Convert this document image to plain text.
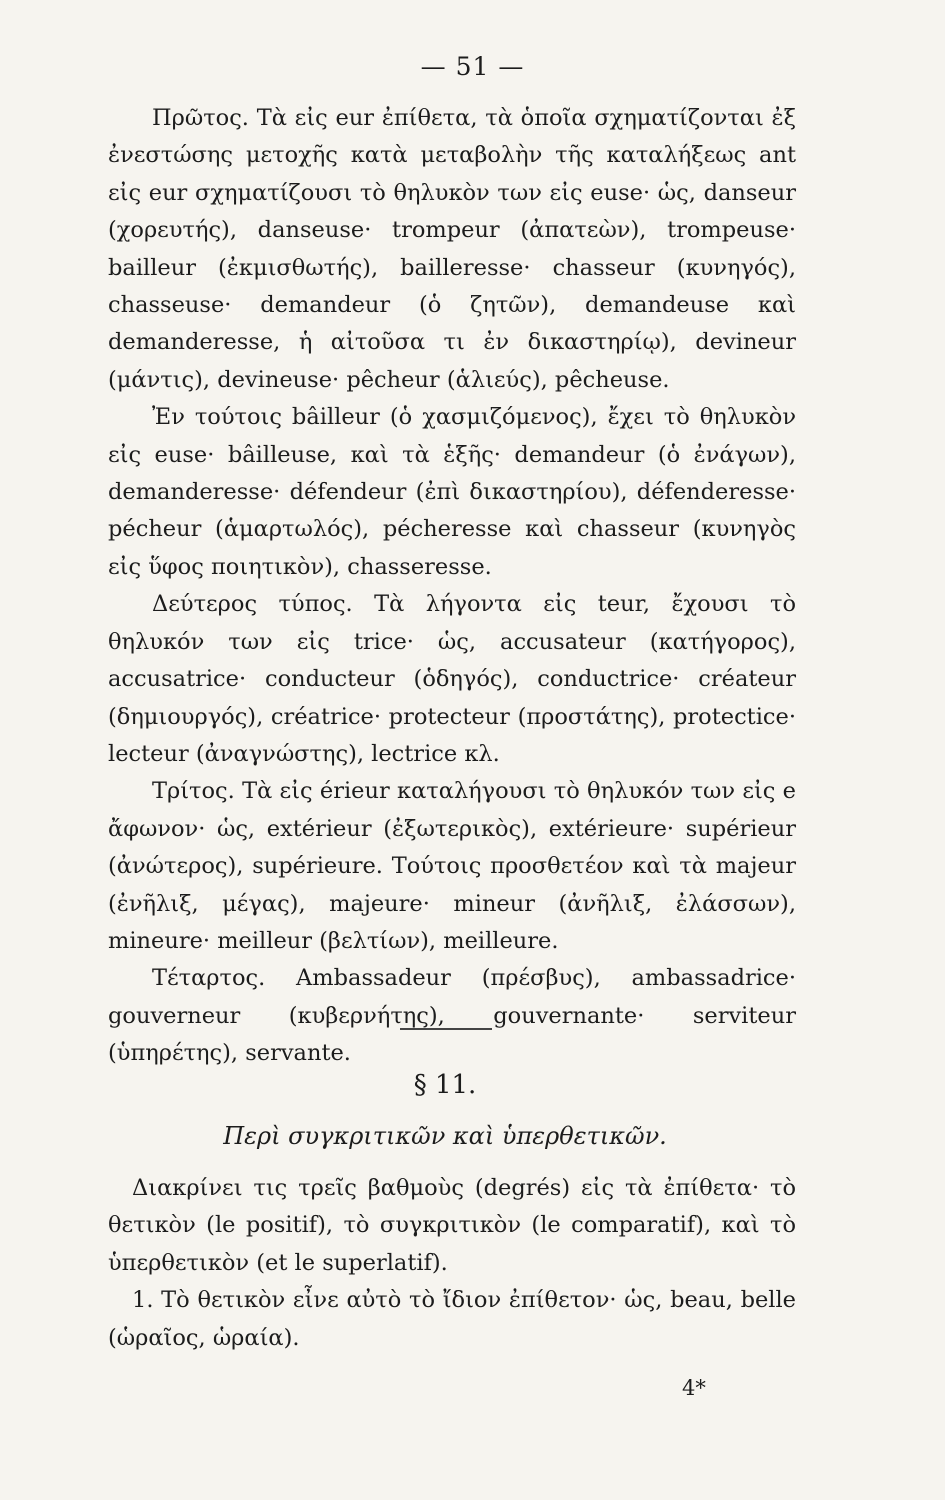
— 51 —

Πρῶτος. Τὰ εἰς eur ἐπίθετα, τὰ ὁποῖα σχηματίζονται ἐξ ἐνεστώσης μετοχῆς κατὰ μεταβολὴν τῆς καταλήξεως ant εἰς eur σχηματίζουσι τὸ θηλυκὸν των εἰς euse· ὡς, danseur (χορευτής), danseuse· trompeur (ἀπατεὼν), trompeuse· bailleur (ἐκμισθωτής), bailleresse· chasseur (κυνηγός), chasseuse· demandeur (ὁ ζητῶν), demandeuse καὶ demanderesse, ἡ αἰτοῦσα τι ἐν δικαστηρίῳ), devineur (μάντις), devineuse· pêcheur (ἁλιεύς), pêcheuse.

Ἐν τούτοις bâilleur (ὁ χασμιζόμενος), ἔχει τὸ θηλυκὸν εἰς euse· bâilleuse, καὶ τὰ ἑξῆς· demandeur (ὁ ἐνάγων), demanderesse· défendeur (ἐπὶ δικαστηρίου), défenderesse· pécheur (ἁμαρτωλός), pécheresse καὶ chasseur (κυνηγὸς εἰς ὕφος ποιητικὸν), chasseresse.

Δεύτερος τύπος. Τὰ λήγοντα εἰς teur, ἔχουσι τὸ θηλυκόν των εἰς trice· ὡς, accusateur (κατήγορος), accusatrice· conducteur (ὁδηγός), conductrice· créateur (δημιουργός), créatrice· protecteur (προστάτης), protectice· lecteur (ἀναγνώστης), lectrice κλ.

Τρίτος. Τὰ εἰς érieur καταλήγουσι τὸ θηλυκόν των εἰς e ἄφωνον· ὡς, extérieur (ἐξωτερικὸς), extérieure· supérieur (ἀνώτερος), supérieure. Τούτοις προσθετέον καὶ τὰ majeur (ἐνῆλιξ, μέγας), majeure· mineur (ἀνῆλιξ, ἐλάσσων), mineure· meilleur (βελτίων), meilleure.

Τέταρτος. Ambassadeur (πρέσβυς), ambassadrice· gouverneur (κυβερνήτης), gouvernante· serviteur (ὑπηρέτης), servante.

§ 11.
Περὶ συγκριτικῶν καὶ ὑπερθετικῶν.

Διακρίνει τις τρεῖς βαθμοὺς (degrés) εἰς τὰ ἐπίθετα· τὸ θετικὸν (le positif), τὸ συγκριτικὸν (le comparatif), καὶ τὸ ὑπερθετικὸν (et le superlatif).

1. Τὸ θετικὸν εἶνε αὐτὸ τὸ ἴδιον ἐπίθετον· ὡς, beau, belle (ὡραῖος, ὡραία).

4*
